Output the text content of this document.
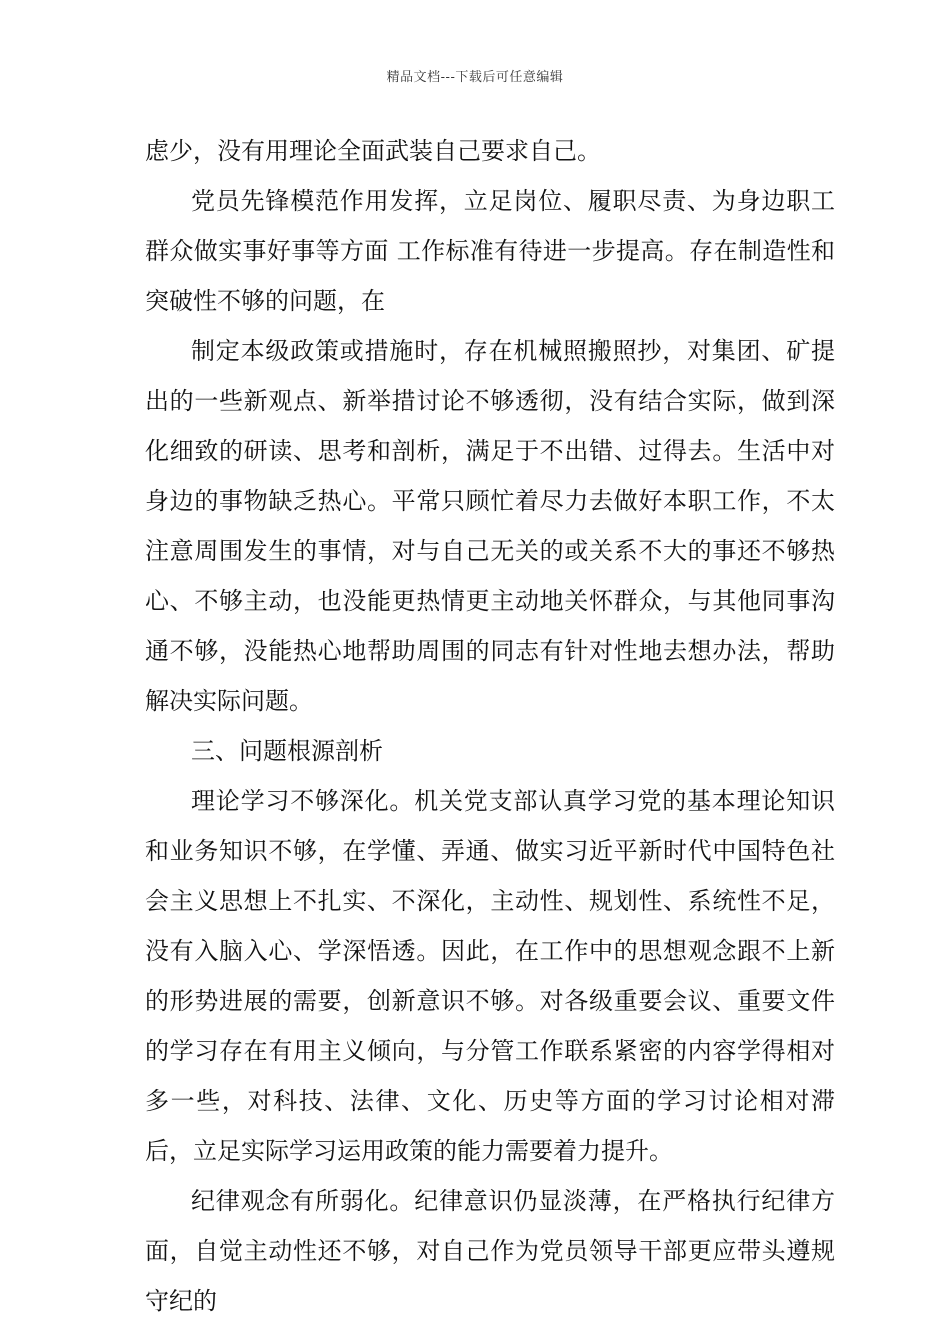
精品文档---下载后可任意编辑

虑少，没有用理论全面武装自己要求自己。

党员先锋模范作用发挥，立足岗位、履职尽责、为身边职工群众做实事好事等方面 工作标准有待进一步提高。存在制造性和突破性不够的问题，在

制定本级政策或措施时，存在机械照搬照抄，对集团、矿提出的一些新观点、新举措讨论不够透彻，没有结合实际，做到深化细致的研读、思考和剖析，满足于不出错、过得去。生活中对身边的事物缺乏热心。平常只顾忙着尽力去做好本职工作，不太注意周围发生的事情，对与自己无关的或关系不大的事还不够热心、不够主动，也没能更热情更主动地关怀群众，与其他同事沟通不够，没能热心地帮助周围的同志有针对性地去想办法，帮助解决实际问题。

三、问题根源剖析

理论学习不够深化。机关党支部认真学习党的基本理论知识和业务知识不够，在学懂、弄通、做实习近平新时代中国特色社会主义思想上不扎实、不深化，主动性、规划性、系统性不足，没有入脑入心、学深悟透。因此，在工作中的思想观念跟不上新的形势进展的需要，创新意识不够。对各级重要会议、重要文件的学习存在有用主义倾向，与分管工作联系紧密的内容学得相对多一些，对科技、法律、文化、历史等方面的学习讨论相对滞后，立足实际学习运用政策的能力需要着力提升。

纪律观念有所弱化。纪律意识仍显淡薄，在严格执行纪律方面，自觉主动性还不够，对自己作为党员领导干部更应带头遵规守纪的
